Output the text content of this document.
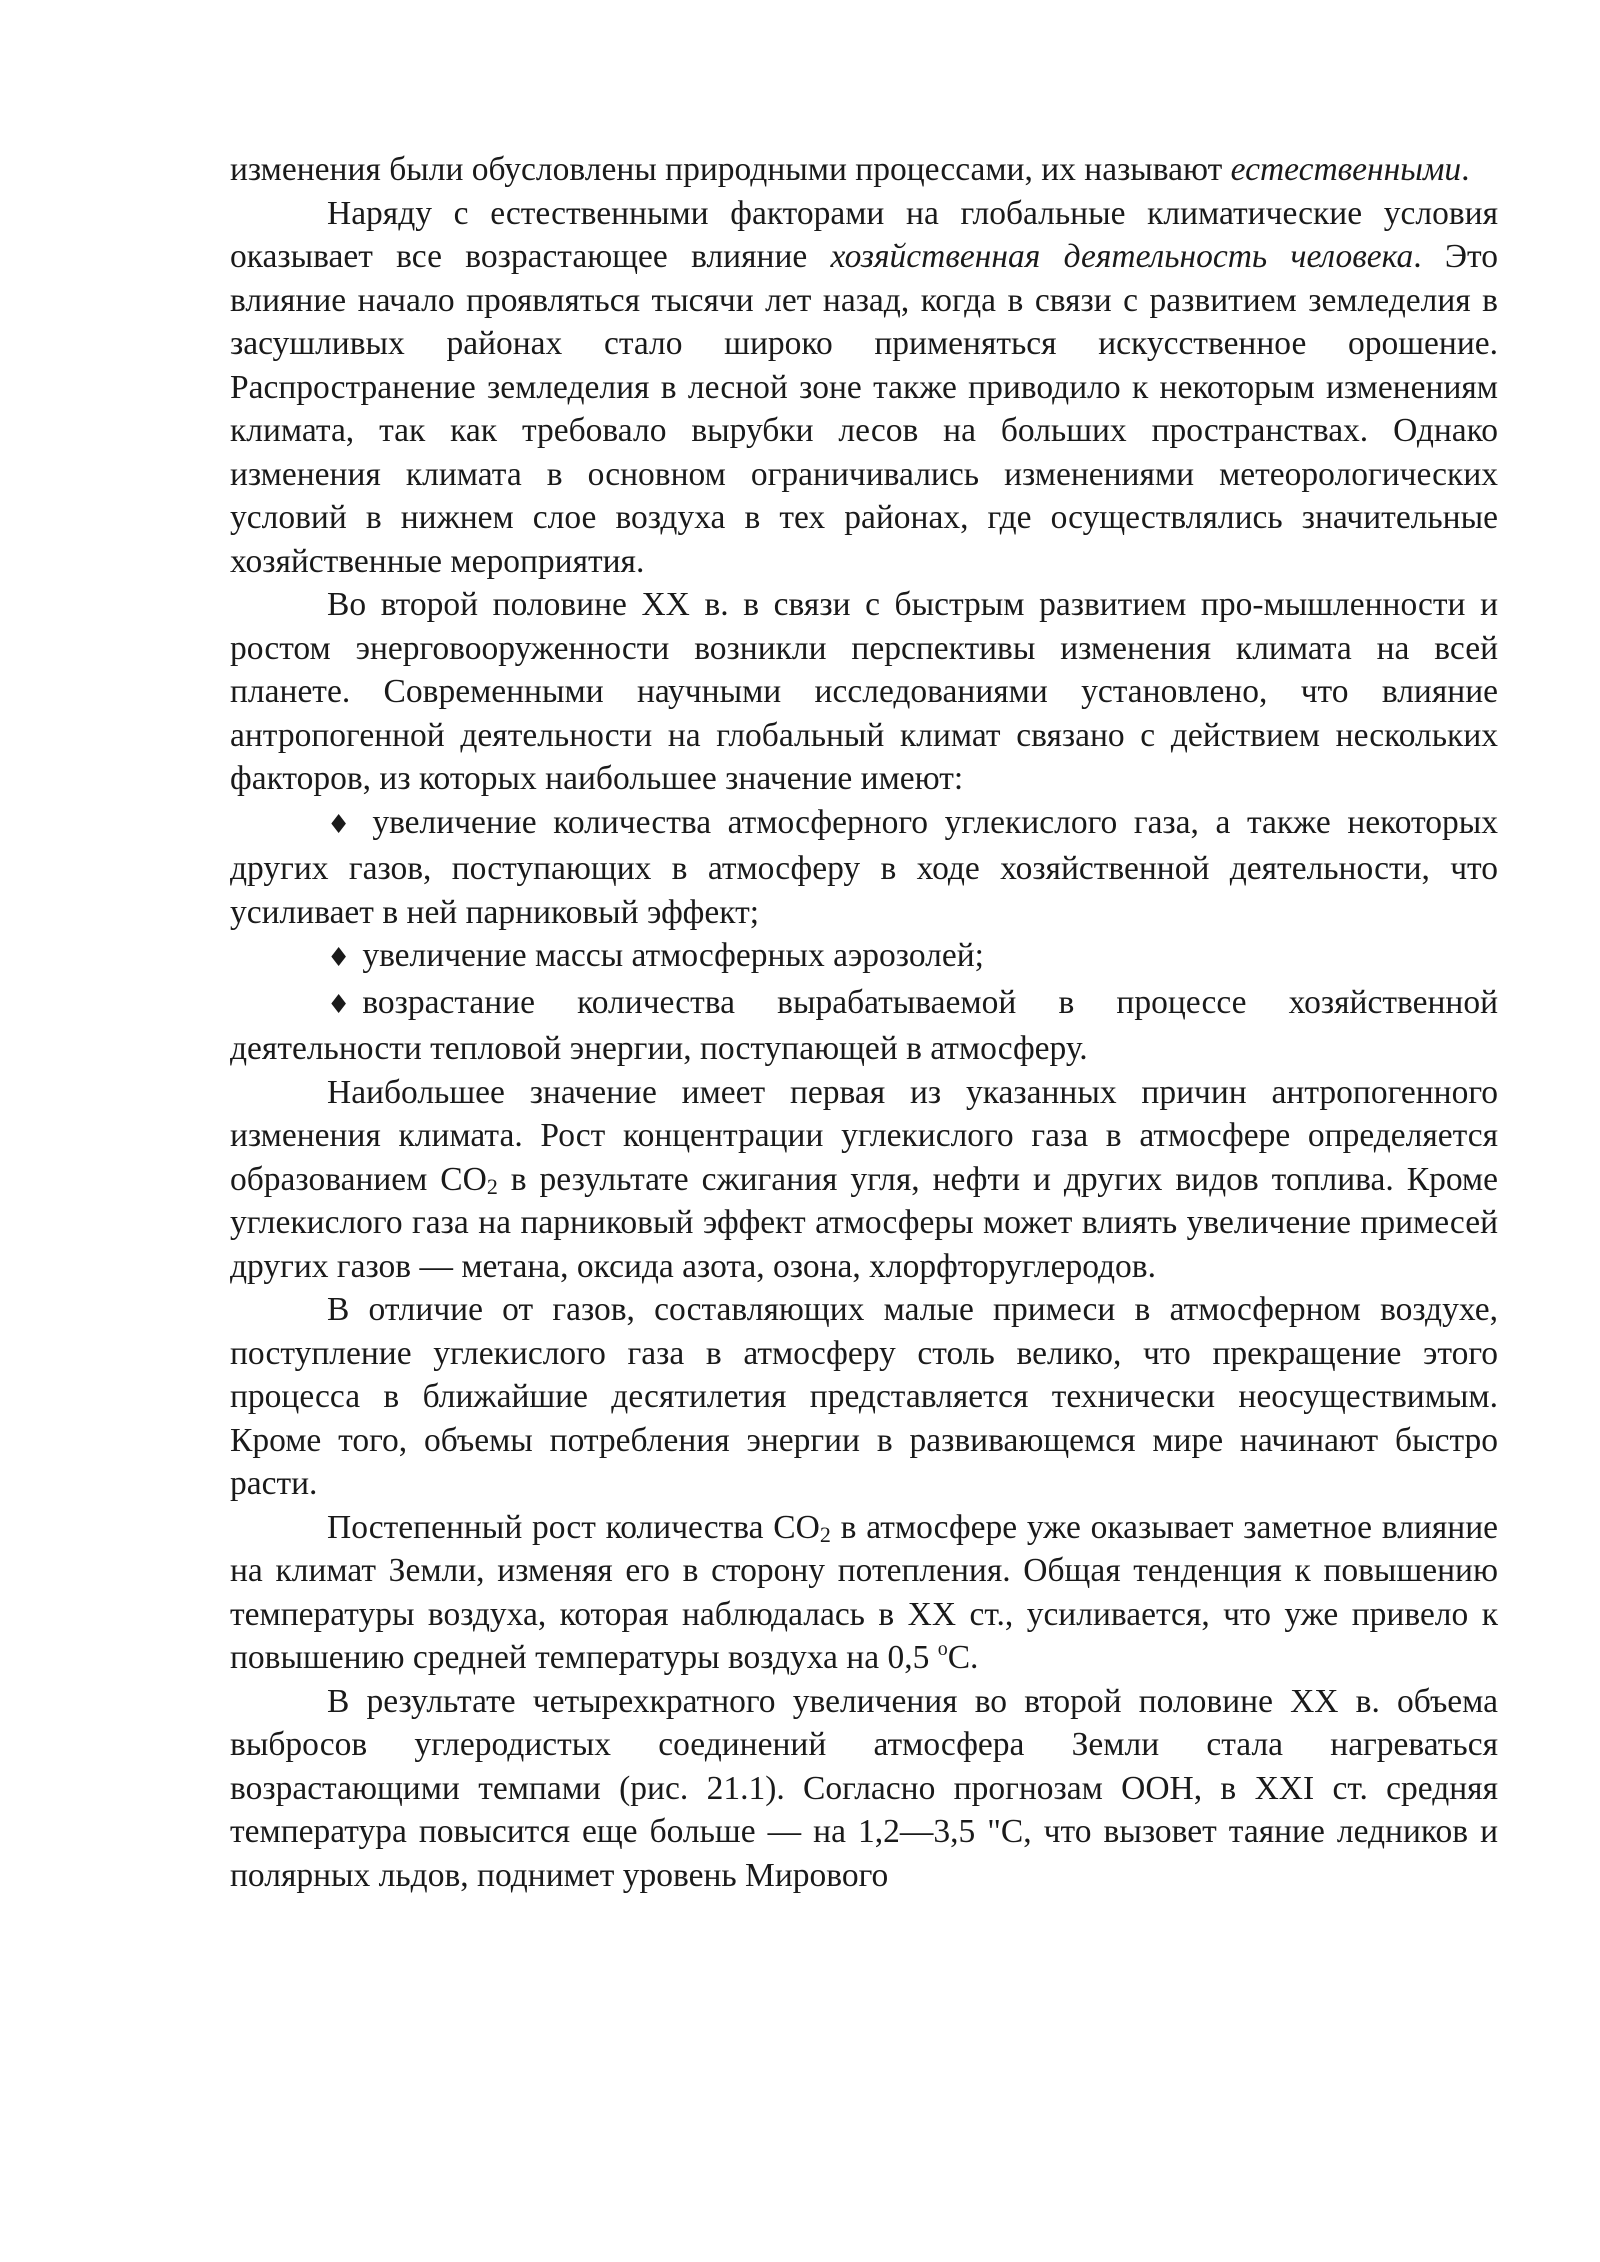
изменения были обусловлены природными процессами, их называют естественными.

Наряду с естественными факторами на глобальные климатические условия оказывает все возрастающее влияние хозяйственная деятельность человека. Это влияние начало проявляться тысячи лет назад, когда в связи с развитием земледелия в засушливых районах стало широко применяться искусственное орошение. Распространение земледелия в лесной зоне также приводило к некоторым изменениям климата, так как требовало вырубки лесов на больших пространствах. Однако изменения климата в основном ограничивались изменениями метеорологических условий в нижнем слое воздуха в тех районах, где осуществлялись значительные хозяйственные мероприятия.

Во второй половине XX в. в связи с быстрым развитием про-мышленности и ростом энерговооруженности возникли перспективы изменения климата на всей планете. Современными научными исследованиями установлено, что влияние антропогенной деятельности на глобальный климат связано с действием нескольких факторов, из которых наибольшее значение имеют:

♦ увеличение количества атмосферного углекислого газа, а также некоторых других газов, поступающих в атмосферу в ходе хозяйственной деятельности, что усиливает в ней парниковый эффект;

♦ увеличение массы атмосферных аэрозолей;

♦ возрастание количества вырабатываемой в процессе хозяйственной деятельности тепловой энергии, поступающей в атмосферу.

Наибольшее значение имеет первая из указанных причин антропогенного изменения климата. Рост концентрации углекислого газа в атмосфере определяется образованием $СО_2$ в результате сжигания угля, нефти и других видов топлива. Кроме углекислого газа на парниковый эффект атмосферы может влиять увеличение примесей других газов — метана, оксида азота, озона, хлорфторуглеродов.

В отличие от газов, составляющих малые примеси в атмосферном воздухе, поступление углекислого газа в атмосферу столь велико, что прекращение этого процесса в ближайшие десятилетия представляется технически неосуществимым. Кроме того, объемы потребления энергии в развивающемся мире начинают быстро расти.

Постепенный рост количества $СО_2$ в атмосфере уже оказывает заметное влияние на климат Земли, изменяя его в сторону потепления. Общая тенденция к повышению температуры воздуха, которая наблюдалась в XX ст., усиливается, что уже привело к повышению средней температуры воздуха на 0,5 $^о$С.

В результате четырехкратного увеличения во второй половине XX в. объема выбросов углеродистых соединений атмосфера Земли стала нагреваться возрастающими темпами (рис. 21.1). Согласно прогнозам ООН, в XXI ст. средняя температура повысится еще больше — на 1,2—3,5 "С, что вызовет таяние ледников и полярных льдов, поднимет уровень Мирового
